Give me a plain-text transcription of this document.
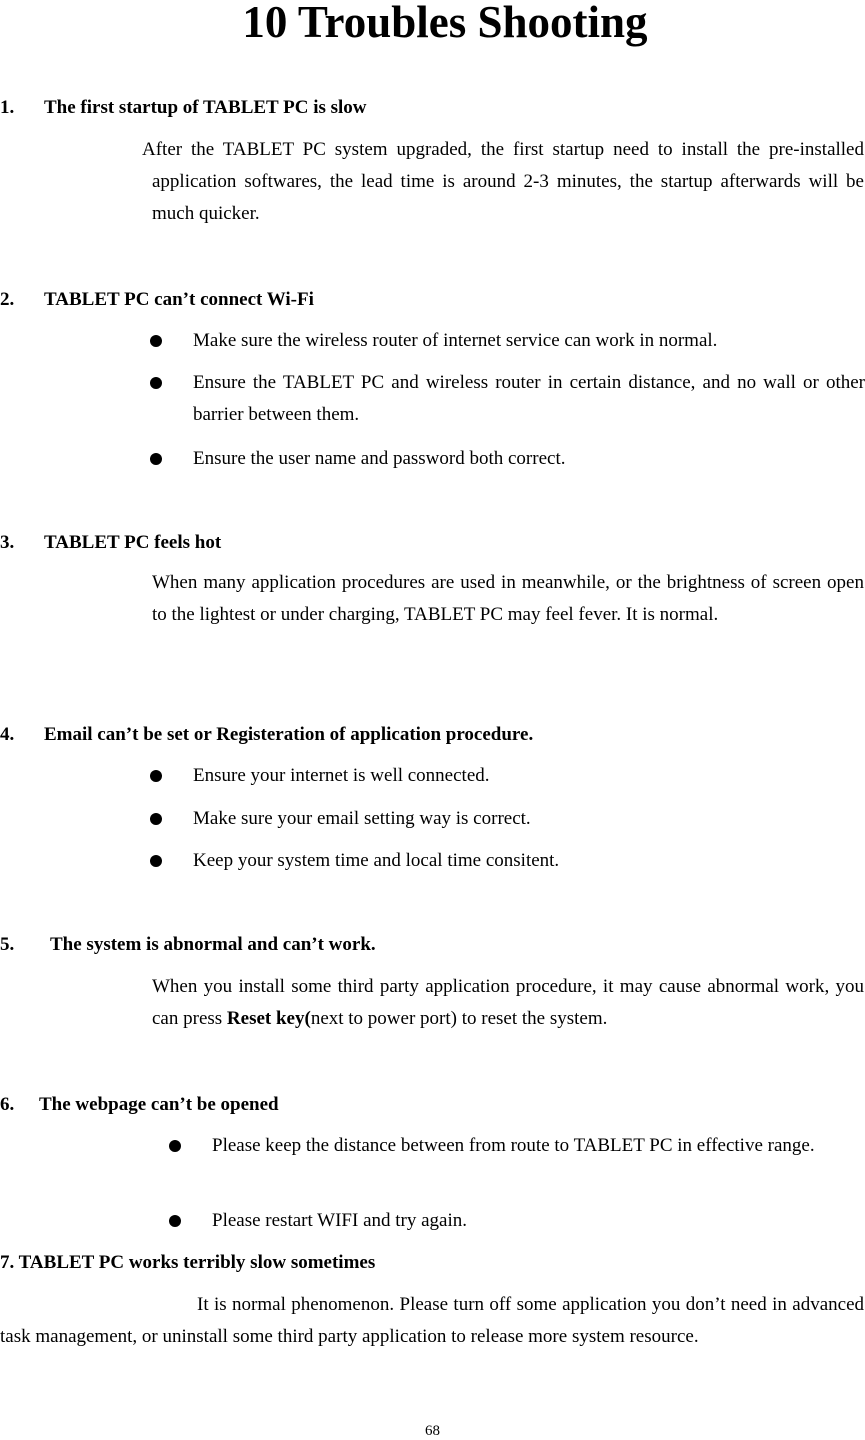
10 Troubles Shooting
1. The first startup of TABLET PC is slow

After the TABLET PC system upgraded, the first startup need to install the pre-installed application softwares, the lead time is around 2-3 minutes, the startup afterwards will be much quicker.

2. TABLET PC can’t connect Wi-Fi
Make sure the wireless router of internet service can work in normal.
Ensure the TABLET PC and wireless router in certain distance, and no wall or other barrier between them.
Ensure the user name and password both correct.
3. TABLET PC feels hot

When many application procedures are used in meanwhile, or the brightness of screen open to the lightest or under charging, TABLET PC may feel fever. It is normal.

4. Email can’t be set or Registeration of application procedure.
Ensure your internet is well connected.
Make sure your email setting way is correct.
Keep your system time and local time consitent.
5. The system is abnormal and can’t work.

When you install some third party application procedure, it may cause abnormal work, you can press Reset key(next to power port) to reset the system.

6. The webpage can’t be opened
Please keep the distance between from route to TABLET PC in effective range.
Please restart WIFI and try again.
7. TABLET PC works terribly slow sometimes

It is normal phenomenon. Please turn off some application you don’t need in advanced task management, or uninstall some third party application to release more system resource.

68
